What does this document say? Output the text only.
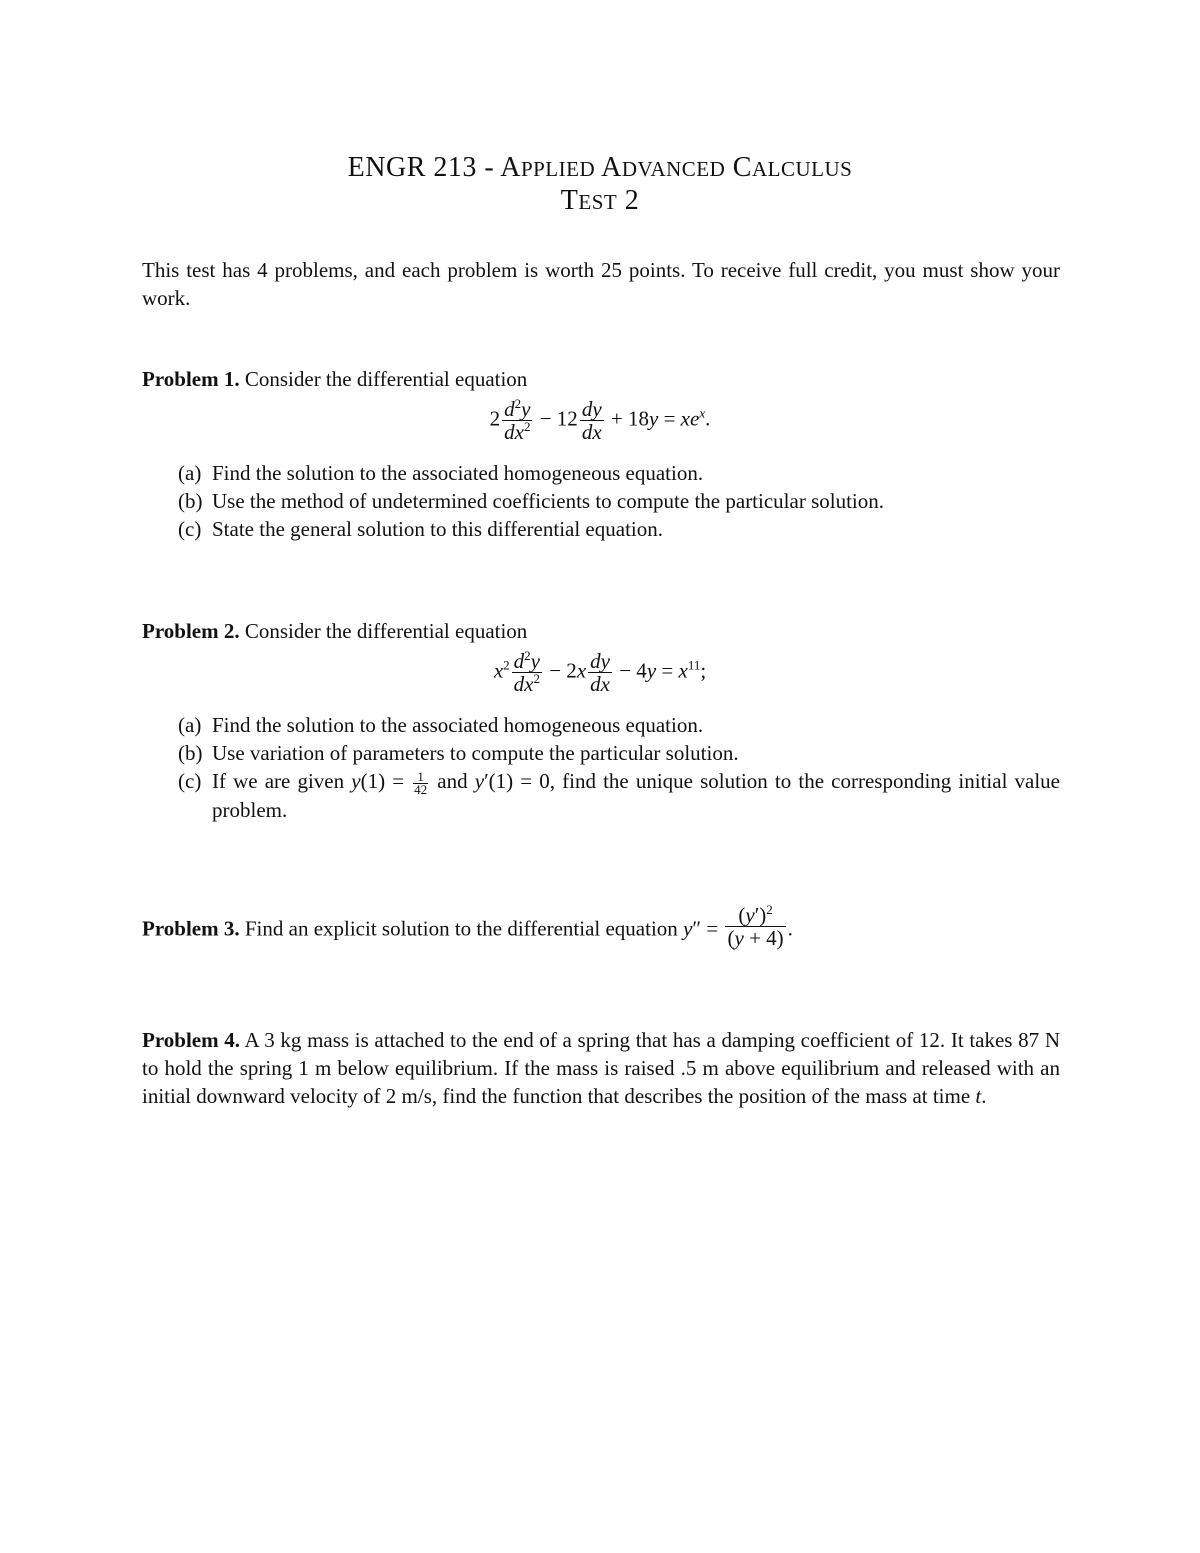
ENGR 213 - APPLIED ADVANCED CALCULUS
TEST 2
This test has 4 problems, and each problem is worth 25 points. To receive full credit, you must show your work.
Problem 1. Consider the differential equation
$2 \frac{d^2y}{dx^2} - 12 \frac{dy}{dx} + 18y = xe^x$.
(a) Find the solution to the associated homogeneous equation.
(b) Use the method of undetermined coefficients to compute the particular solution.
(c) State the general solution to this differential equation.
Problem 2. Consider the differential equation
$x^2 \frac{d^2y}{dx^2} - 2x \frac{dy}{dx} - 4y = x^{11}$;
(a) Find the solution to the associated homogeneous equation.
(b) Use variation of parameters to compute the particular solution.
(c) If we are given $y(1) = \frac{1}{42}$ and y′(1) = 0, find the unique solution to the corresponding initial value problem.
Problem 3. Find an explicit solution to the differential equation $y'' = \frac{(y')^2}{(y + 4)}$ .
Problem 4. A 3 kg mass is attached to the end of a spring that has a damping coefficient of 12. It takes 87 N to hold the spring 1 m below equilibrium. If the mass is raised .5 m above equilibrium and released with an initial downward velocity of 2 m/s, find the function that describes the position of the mass at time t.
